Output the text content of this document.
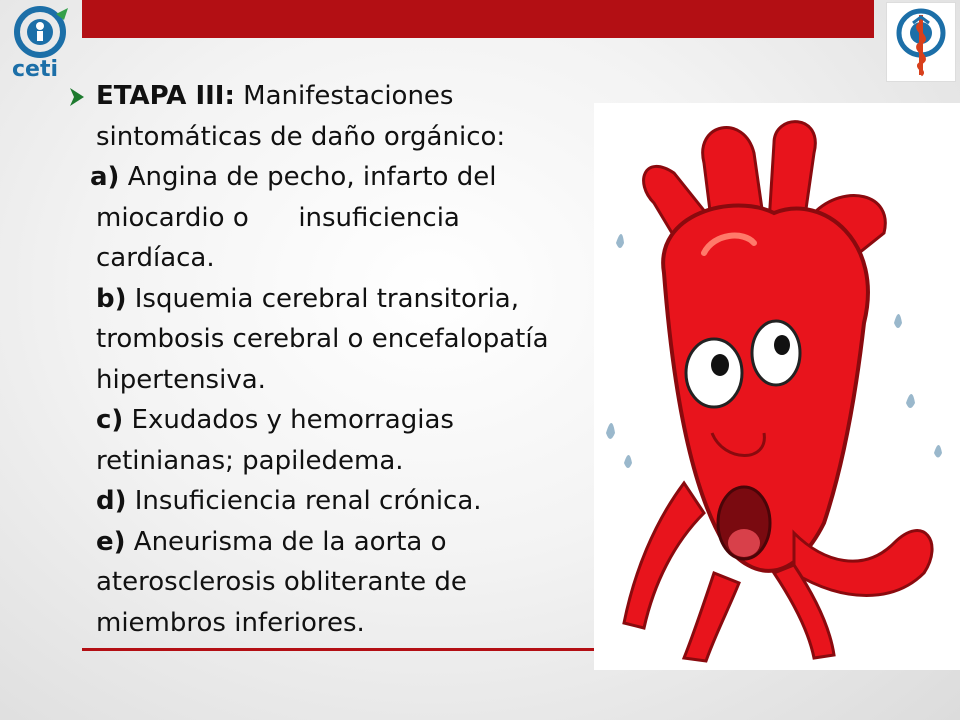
ceti
ETAPA III: Manifestaciones
sintomáticas de daño orgánico:
a) Angina de pecho, infarto del
miocardio o      insuficiencia
cardíaca.
b) Isquemia cerebral transitoria,
trombosis cerebral o encefalopatía
hipertensiva.
c) Exudados y hemorragias
retinianas; papiledema.
d) Insuficiencia renal crónica.
e) Aneurisma de la aorta o
aterosclerosis obliterante de
miembros inferiores.
